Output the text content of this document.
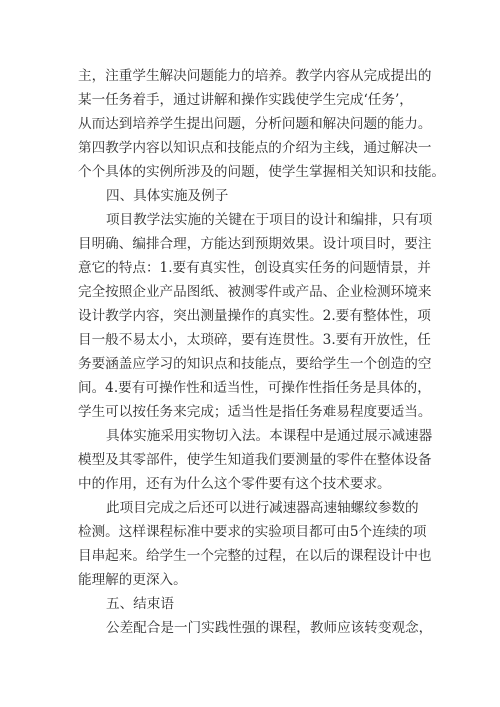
主，注重学生解决问题能力的培养。教学内容从完成提出的
某一任务着手，通过讲解和操作实践使学生完成‘任务’，
从而达到培养学生提出问题，分析问题和解决问题的能力。
第四教学内容以知识点和技能点的介绍为主线，通过解决一
个个具体的实例所涉及的问题，使学生掌握相关知识和技能。
四、具体实施及例子
项目教学法实施的关键在于项目的设计和编排，只有项
目明确、编排合理，方能达到预期效果。设计项目时，要注
意它的特点：1.要有真实性，创设真实任务的问题情景，并
完全按照企业产品图纸、被测零件或产品、企业检测环境来
设计教学内容，突出测量操作的真实性。2.要有整体性，项
目一般不易太小，太琐碎，要有连贯性。3.要有开放性，任
务要涵盖应学习的知识点和技能点，要给学生一个创造的空
间。4.要有可操作性和适当性，可操作性指任务是具体的，
学生可以按任务来完成；适当性是指任务难易程度要适当。
具体实施采用实物切入法。本课程中是通过展示减速器
模型及其零部件，使学生知道我们要测量的零件在整体设备
中的作用，还有为什么这个零件要有这个技术要求。
此项目完成之后还可以进行减速器高速轴螺纹参数的
检测。这样课程标准中要求的实验项目都可由5个连续的项
目串起来。给学生一个完整的过程，在以后的课程设计中也
能理解的更深入。
五、结束语
公差配合是一门实践性强的课程，教师应该转变观念，
